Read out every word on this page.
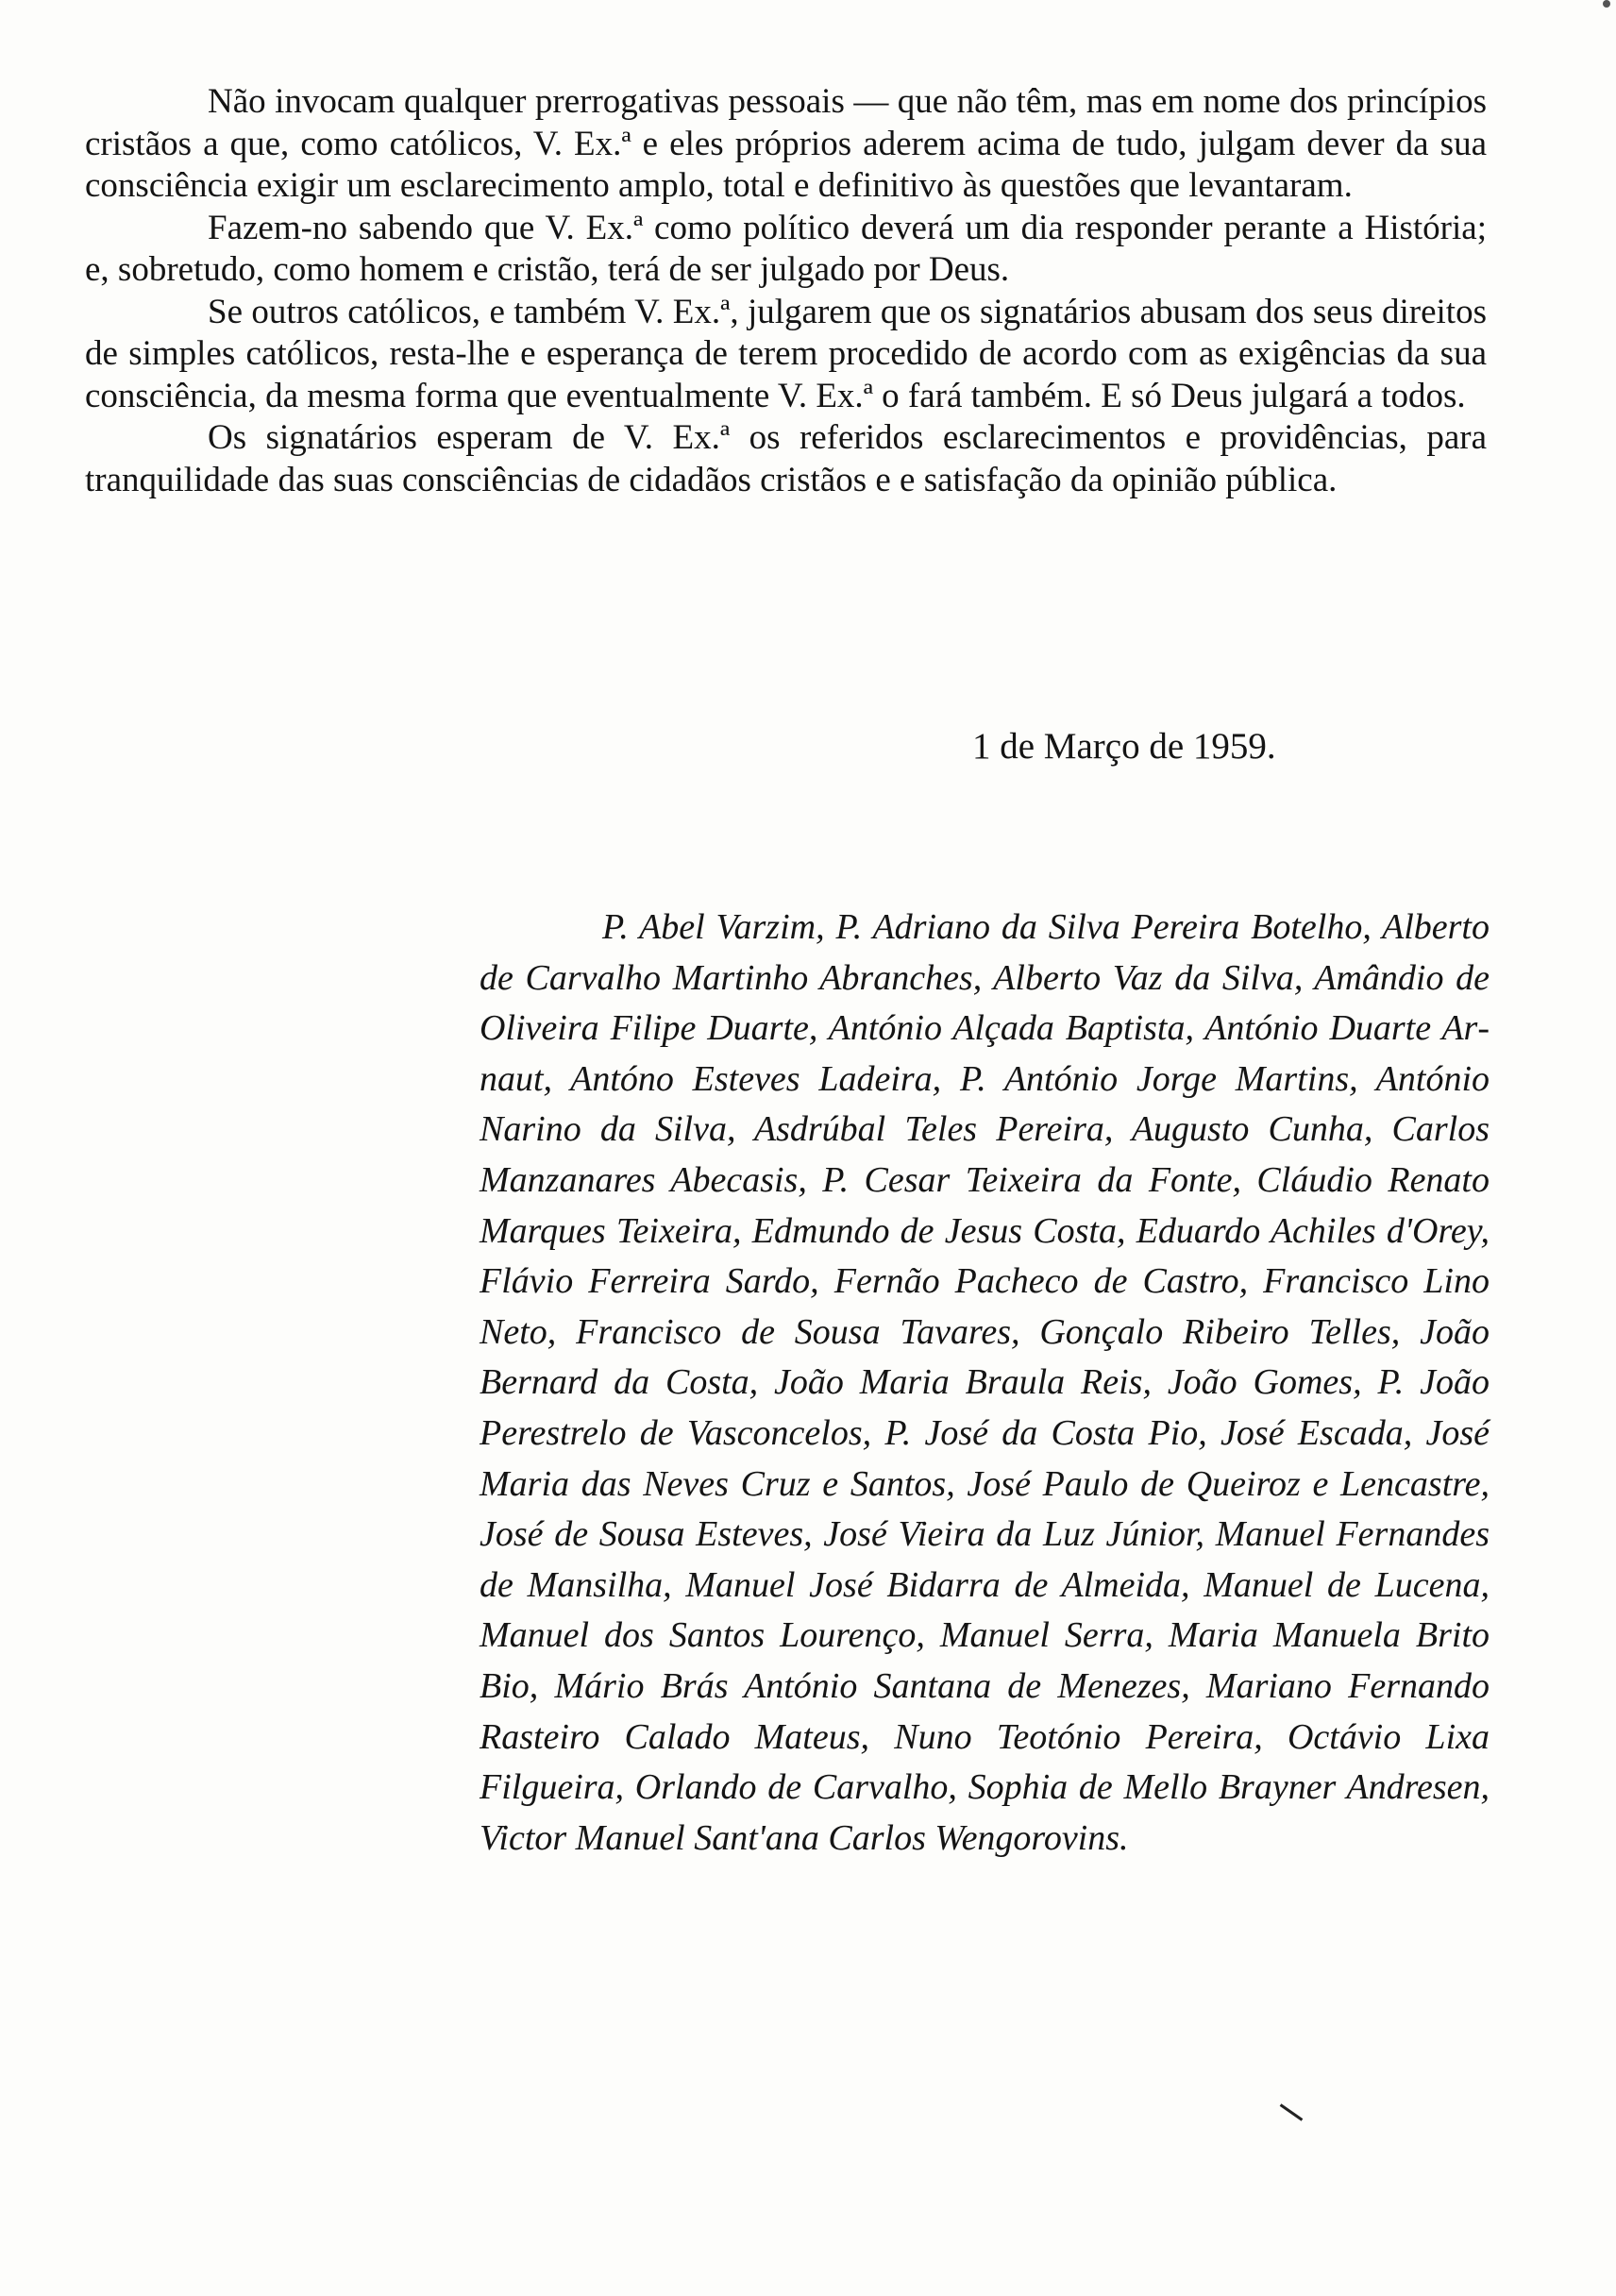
Não invocam qualquer prerrogativas pessoais — que não têm, mas em nome dos princípios cristãos a que, como católicos, V. Ex.ª e eles próprios aderem acima de tudo, julgam dever da sua consciência exigir um esclarecimento amplo, total e definitivo às questões que levantaram.

Fazem-no sabendo que V. Ex.ª como político deverá um dia responder perante a História; e, sobretudo, como homem e cristão, terá de ser julgado por Deus.

Se outros católicos, e também V. Ex.ª, julgarem que os signatários abusam dos seus direitos de simples católicos, resta-lhe e esperança de terem procedido de acordo com as exigências da sua consciência, da mesma forma que eventualmente V. Ex.ª o fará também. E só Deus julgará a todos.

Os signatários esperam de V. Ex.ª os referidos esclarecimentos e providências, para tranquilidade das suas consciências de cidadãos cristãos e e satisfação da opinião pública.

1 de Março de 1959.

P. Abel Varzim, P. Adriano da Silva Pereira Botelho, Alberto de Carvalho Martinho Abranches, Alberto Vaz da Silva, Amândio de Oliveira Filipe Duarte, António Alçada Baptista, António Duarte Arnaut, Antóno Esteves Ladeira, P. António Jorge Martins, António Narino da Silva, Asdrúbal Teles Pereira, Augusto Cunha, Carlos Manzanares Abecasis, P. Cesar Teixeira da Fonte, Cláudio Renato Marques Teixeira, Edmundo de Jesus Costa, Eduardo Achiles d'Orey, Flávio Ferreira Sardo, Fernão Pacheco de Castro, Francisco Lino Neto, Francisco de Sousa Tavares, Gonçalo Ribeiro Telles, João Bernard da Costa, João Maria Braula Reis, João Gomes, P. João Perestrelo de Vasconcelos, P. José da Costa Pio, José Escada, José Maria das Neves Cruz e Santos, José Paulo de Queiroz e Lencastre, José de Sousa Esteves, José Vieira da Luz Júnior, Manuel Fernandes de Mansilha, Manuel José Bidarra de Almeida, Manuel de Lucena, Manuel dos Santos Lourenço, Manuel Serra, Maria Manuela Brito Bio, Mário Brás António Santana de Menezes, Mariano Fernando Rasteiro Calado Mateus, Nuno Teotónio Pereira, Octávio Lixa Filgueira, Orlando de Carvalho, Sophia de Mello Brayner Andresen, Victor Manuel Sant'ana Carlos Wengorovins.
